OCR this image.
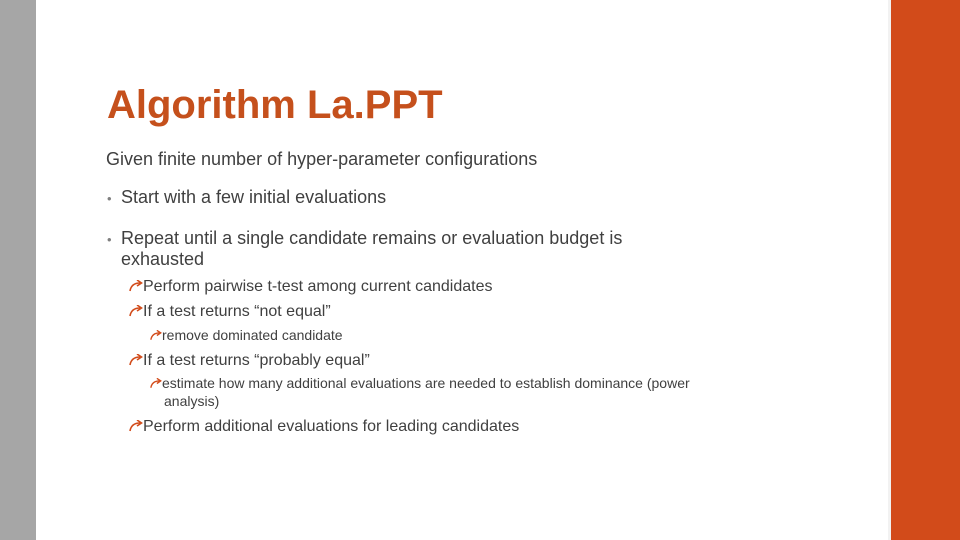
Algorithm La.PPT
Given finite number of hyper-parameter configurations
• Start with a few initial evaluations
• Repeat until a single candidate remains or evaluation budget is
exhausted
Perform pairwise t-test among current candidates
If a test returns “not equal”
remove dominated candidate
If a test returns “probably equal”
estimate how many additional evaluations are needed to establish dominance (power
analysis)
Perform additional evaluations for leading candidates
